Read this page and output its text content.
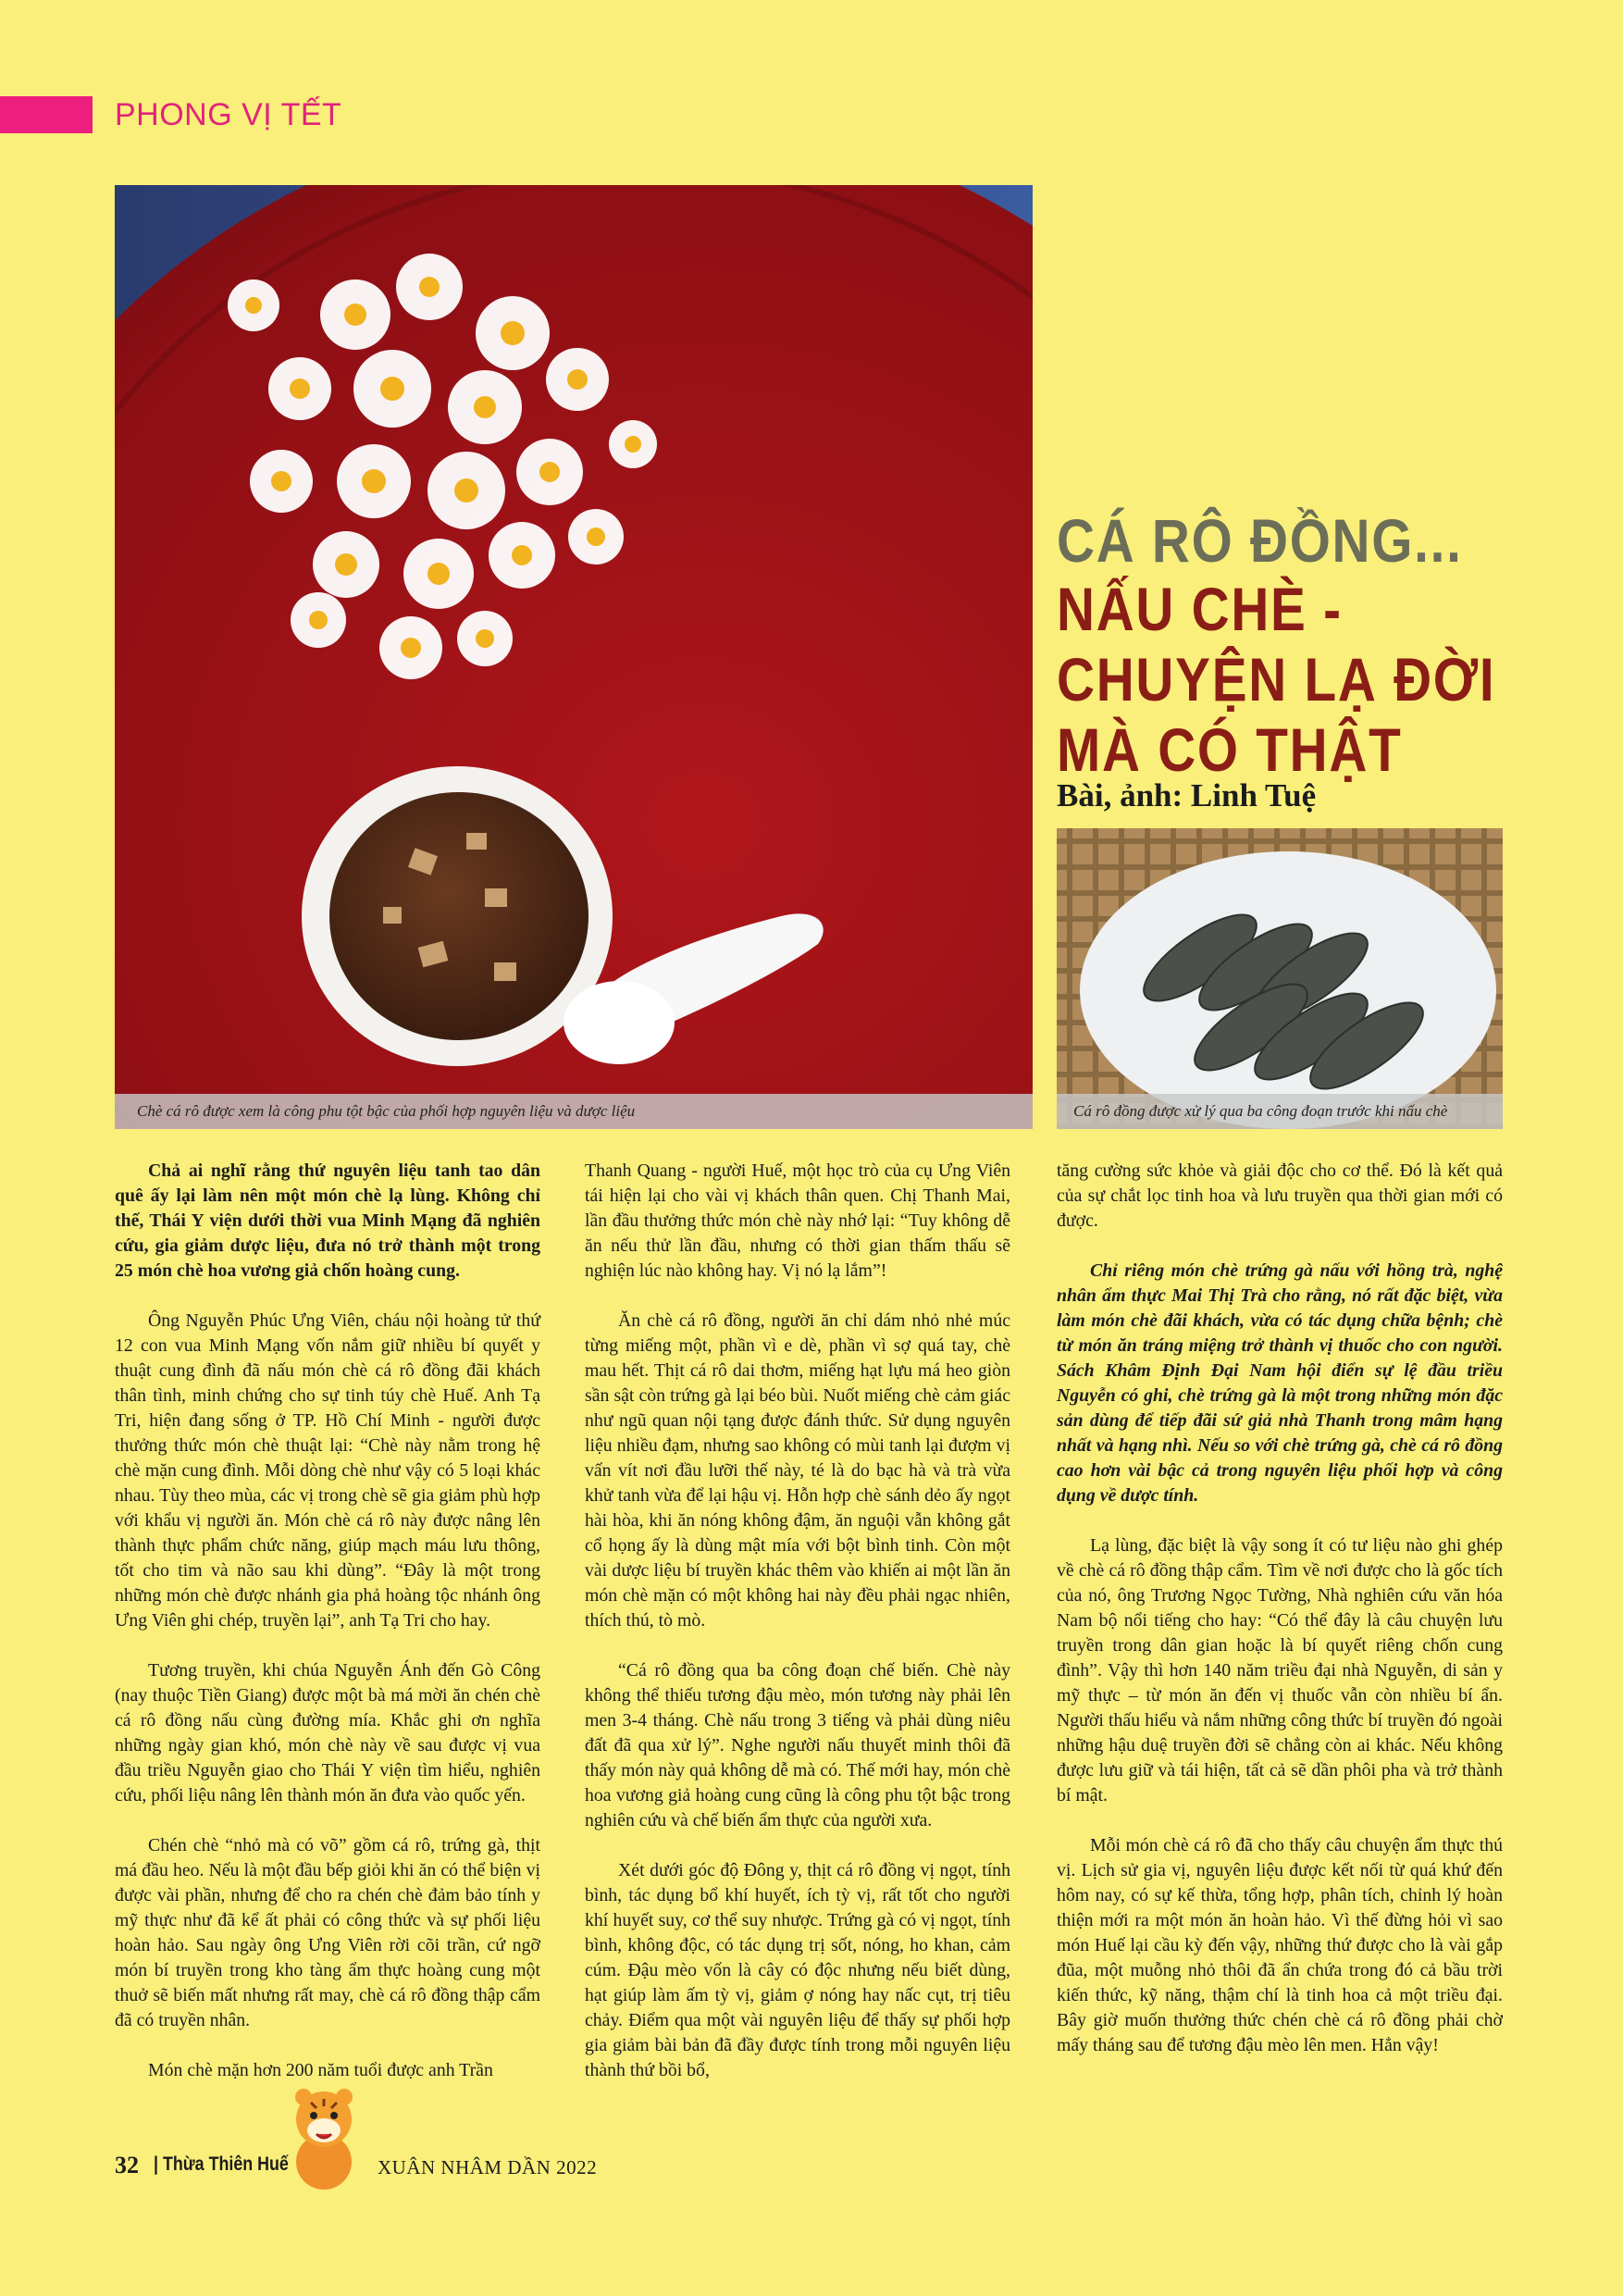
PHONG VỊ TẾT
Chè cá rô được xem là công phu tột bậc của phối hợp nguyên liệu và dược liệu
CÁ RÔ ĐỒNG...
NẤU CHÈ -
CHUYỆN LẠ ĐỜI
MÀ CÓ THẬT
Bài, ảnh: Linh Tuệ
Cá rô đồng được xử lý qua ba công đoạn trước khi nấu chè

Chả ai nghĩ rằng thứ nguyên liệu tanh tao dân quê ấy lại làm nên một món chè lạ lùng. Không chỉ thế, Thái Y viện dưới thời vua Minh Mạng đã nghiên cứu, gia giảm dược liệu, đưa nó trở thành một trong 25 món chè hoa vương giả chốn hoàng cung.

Ông Nguyễn Phúc Ưng Viên, cháu nội hoàng tử thứ 12 con vua Minh Mạng vốn nắm giữ nhiều bí quyết y thuật cung đình đã nấu món chè cá rô đồng đãi khách thân tình, minh chứng cho sự tinh túy chè Huế. Anh Tạ Tri, hiện đang sống ở TP. Hồ Chí Minh - người được thưởng thức món chè thuật lại: “Chè này nằm trong hệ chè mặn cung đình. Mỗi dòng chè như vậy có 5 loại khác nhau. Tùy theo mùa, các vị trong chè sẽ gia giảm phù hợp với khẩu vị người ăn. Món chè cá rô này được nâng lên thành thực phẩm chức năng, giúp mạch máu lưu thông, tốt cho tim và não sau khi dùng”. “Đây là một trong những món chè được nhánh gia phả hoàng tộc nhánh ông Ưng Viên ghi chép, truyền lại”, anh Tạ Tri cho hay.

Tương truyền, khi chúa Nguyễn Ánh đến Gò Công (nay thuộc Tiền Giang) được một bà má mời ăn chén chè cá rô đồng nấu cùng đường mía. Khắc ghi ơn nghĩa những ngày gian khó, món chè này về sau được vị vua đầu triều Nguyễn giao cho Thái Y viện tìm hiểu, nghiên cứu, phối liệu nâng lên thành món ăn đưa vào quốc yến.

Chén chè “nhỏ mà có võ” gồm cá rô, trứng gà, thịt má đầu heo. Nếu là một đầu bếp giỏi khi ăn có thể biện vị được vài phần, nhưng để cho ra chén chè đảm bảo tính y mỹ thực như đã kể ất phải có công thức và sự phối liệu hoàn hảo. Sau ngày ông Ưng Viên rời cõi trần, cứ ngỡ món bí truyền trong kho tàng ẩm thực hoàng cung một thuở sẽ biến mất nhưng rất may, chè cá rô đồng thập cẩm đã có truyền nhân.

Món chè mặn hơn 200 năm tuổi được anh Trần

Thanh Quang - người Huế, một học trò của cụ Ưng Viên tái hiện lại cho vài vị khách thân quen. Chị Thanh Mai, lần đầu thưởng thức món chè này nhớ lại: “Tuy không dễ ăn nếu thử lần đầu, nhưng có thời gian thấm thấu sẽ nghiện lúc nào không hay. Vị nó lạ lắm”!

Ăn chè cá rô đồng, người ăn chỉ dám nhỏ nhẻ múc từng miếng một, phần vì e dè, phần vì sợ quá tay, chè mau hết. Thịt cá rô dai thơm, miếng hạt lựu má heo giòn sần sật còn trứng gà lại béo bùi. Nuốt miếng chè cảm giác như ngũ quan nội tạng được đánh thức. Sử dụng nguyên liệu nhiều đạm, nhưng sao không có mùi tanh lại đượm vị vấn vít nơi đầu lưỡi thế này, té là do bạc hà và trà vừa khử tanh vừa để lại hậu vị. Hỗn hợp chè sánh dẻo ấy ngọt hài hòa, khi ăn nóng không đậm, ăn nguội vẫn không gắt cổ họng ấy là dùng mật mía với bột bình tinh. Còn một vài dược liệu bí truyền khác thêm vào khiến ai một lần ăn món chè mặn có một không hai này đều phải ngạc nhiên, thích thú, tò mò.

“Cá rô đồng qua ba công đoạn chế biến. Chè này không thể thiếu tương đậu mèo, món tương này phải lên men 3-4 tháng. Chè nấu trong 3 tiếng và phải dùng niêu đất đã qua xử lý”. Nghe người nấu thuyết minh thôi đã thấy món này quả không dễ mà có. Thế mới hay, món chè hoa vương giả hoàng cung cũng là công phu tột bậc trong nghiên cứu và chế biến ẩm thực của người xưa.

Xét dưới góc độ Đông y, thịt cá rô đồng vị ngọt, tính bình, tác dụng bổ khí huyết, ích tỳ vị, rất tốt cho người khí huyết suy, cơ thể suy nhược. Trứng gà có vị ngọt, tính bình, không độc, có tác dụng trị sốt, nóng, ho khan, cảm cúm. Đậu mèo vốn là cây có độc nhưng nếu biết dùng, hạt giúp làm ấm tỳ vị, giảm ợ nóng hay nấc cụt, trị tiêu chảy. Điểm qua một vài nguyên liệu để thấy sự phối hợp gia giảm bài bản đã đầy được tính trong mỗi nguyên liệu thành thứ bồi bổ,

tăng cường sức khỏe và giải độc cho cơ thể. Đó là kết quả của sự chắt lọc tinh hoa và lưu truyền qua thời gian mới có được.

Chỉ riêng món chè trứng gà nấu với hồng trà, nghệ nhân ẩm thực Mai Thị Trà cho rằng, nó rất đặc biệt, vừa làm món chè đãi khách, vừa có tác dụng chữa bệnh; chè từ món ăn tráng miệng trở thành vị thuốc cho con người. Sách Khâm Định Đại Nam hội điển sự lệ đầu triều Nguyễn có ghi, chè trứng gà là một trong những món đặc sản dùng để tiếp đãi sứ giả nhà Thanh trong mâm hạng nhất và hạng nhì. Nếu so với chè trứng gà, chè cá rô đồng cao hơn vài bậc cả trong nguyên liệu phối hợp và công dụng về dược tính.

Lạ lùng, đặc biệt là vậy song ít có tư liệu nào ghi ghép về chè cá rô đồng thập cẩm. Tìm về nơi được cho là gốc tích của nó, ông Trương Ngọc Tường, Nhà nghiên cứu văn hóa Nam bộ nổi tiếng cho hay: “Có thể đây là câu chuyện lưu truyền trong dân gian hoặc là bí quyết riêng chốn cung đình”. Vậy thì hơn 140 năm triều đại nhà Nguyễn, di sản y mỹ thực – từ món ăn đến vị thuốc vẫn còn nhiều bí ẩn. Người thấu hiểu và nắm những công thức bí truyền đó ngoài những hậu duệ truyền đời sẽ chẳng còn ai khác. Nếu không được lưu giữ và tái hiện, tất cả sẽ dần phôi pha và trở thành bí mật.

Mỗi món chè cá rô đã cho thấy câu chuyện ẩm thực thú vị. Lịch sử gia vị, nguyên liệu được kết nối từ quá khứ đến hôm nay, có sự kế thừa, tổng hợp, phân tích, chỉnh lý hoàn thiện mới ra một món ăn hoàn hảo. Vì thế đừng hỏi vì sao món Huế lại cầu kỳ đến vậy, những thứ được cho là vài gắp đũa, một muỗng nhỏ thôi đã ẩn chứa trong đó cả bầu trời kiến thức, kỹ năng, thậm chí là tinh hoa cả một triều đại. Bây giờ muốn thưởng thức chén chè cá rô đồng phải chờ mấy tháng sau để tương đậu mèo lên men. Hẳn vậy!

32 | Thừa Thiên Huế	XUÂN NHÂM DẦN 2022
